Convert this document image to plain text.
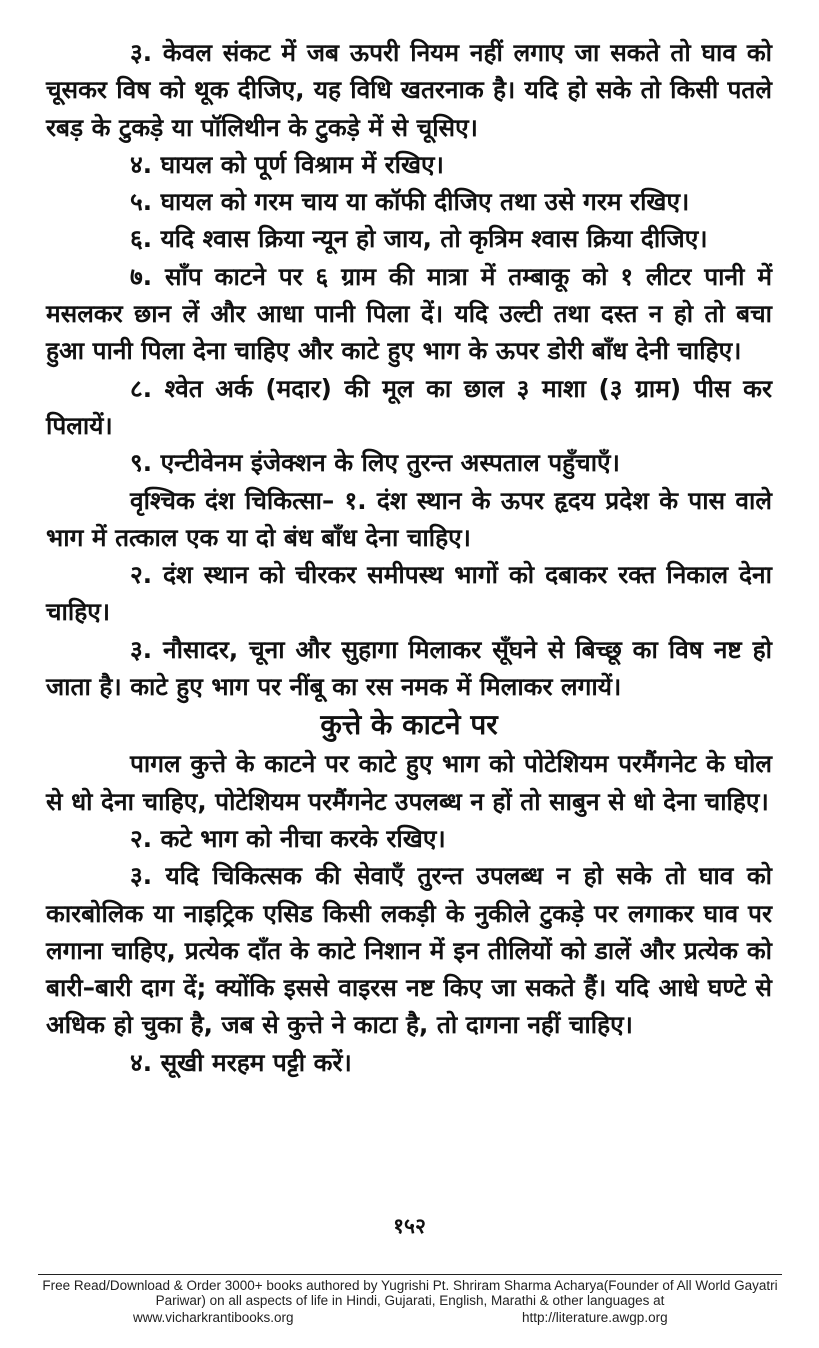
३. केवल संकट में जब ऊपरी नियम नहीं लगाए जा सकते तो घाव को चूसकर विष को थूक दीजिए, यह विधि खतरनाक है। यदि हो सके तो किसी पतले रबड़ के टुकड़े या पॉलिथीन के टुकड़े में से चूसिए।

४. घायल को पूर्ण विश्राम में रखिए।

५. घायल को गरम चाय या कॉफी दीजिए तथा उसे गरम रखिए।

६. यदि श्वास क्रिया न्यून हो जाय, तो कृत्रिम श्वास क्रिया दीजिए।

७. साँप काटने पर ६ ग्राम की मात्रा में तम्बाकू को १ लीटर पानी में मसलकर छान लें और आधा पानी पिला दें। यदि उल्टी तथा दस्त न हो तो बचा हुआ पानी पिला देना चाहिए और काटे हुए भाग के ऊपर डोरी बाँध देनी चाहिए।

८. श्वेत अर्क (मदार) की मूल का छाल ३ माशा (३ ग्राम) पीस कर पिलायें।

९. एन्टीवेनम इंजेक्शन के लिए तुरन्त अस्पताल पहुँचाएँ।

वृश्चिक दंश चिकित्सा– १. दंश स्थान के ऊपर हृदय प्रदेश के पास वाले भाग में तत्काल एक या दो बंध बाँध देना चाहिए।

२. दंश स्थान को चीरकर समीपस्थ भागों को दबाकर रक्त निकाल देना चाहिए।

३. नौसादर, चूना और सुहागा मिलाकर सूँघने से बिच्छू का विष नष्ट हो जाता है। काटे हुए भाग पर नींबू का रस नमक में मिलाकर लगायें।

कुत्ते के काटने पर

पागल कुत्ते के काटने पर काटे हुए भाग को पोटेशियम परमैंगनेट के घोल से धो देना चाहिए, पोटेशियम परमैंगनेट उपलब्ध न हों तो साबुन से धो देना चाहिए।

२. कटे भाग को नीचा करके रखिए।

३. यदि चिकित्सक की सेवाएँ तुरन्त उपलब्ध न हो सके तो घाव को कारबोलिक या नाइट्रिक एसिड किसी लकड़ी के नुकीले टुकड़े पर लगाकर घाव पर लगाना चाहिए, प्रत्येक दाँत के काटे निशान में इन तीलियों को डालें और प्रत्येक को बारी–बारी दाग दें; क्योंकि इससे वाइरस नष्ट किए जा सकते हैं। यदि आधे घण्टे से अधिक हो चुका है, जब से कुत्ते ने काटा है, तो दागना नहीं चाहिए।

४. सूखी मरहम पट्टी करें।

१५२
Free Read/Download & Order 3000+ books authored by Yugrishi Pt. Shriram Sharma Acharya(Founder of All World Gayatri Pariwar) on all aspects of life in Hindi, Gujarati, English, Marathi & other languages at
www.vicharkrantibooks.org	http://literature.awgp.org
